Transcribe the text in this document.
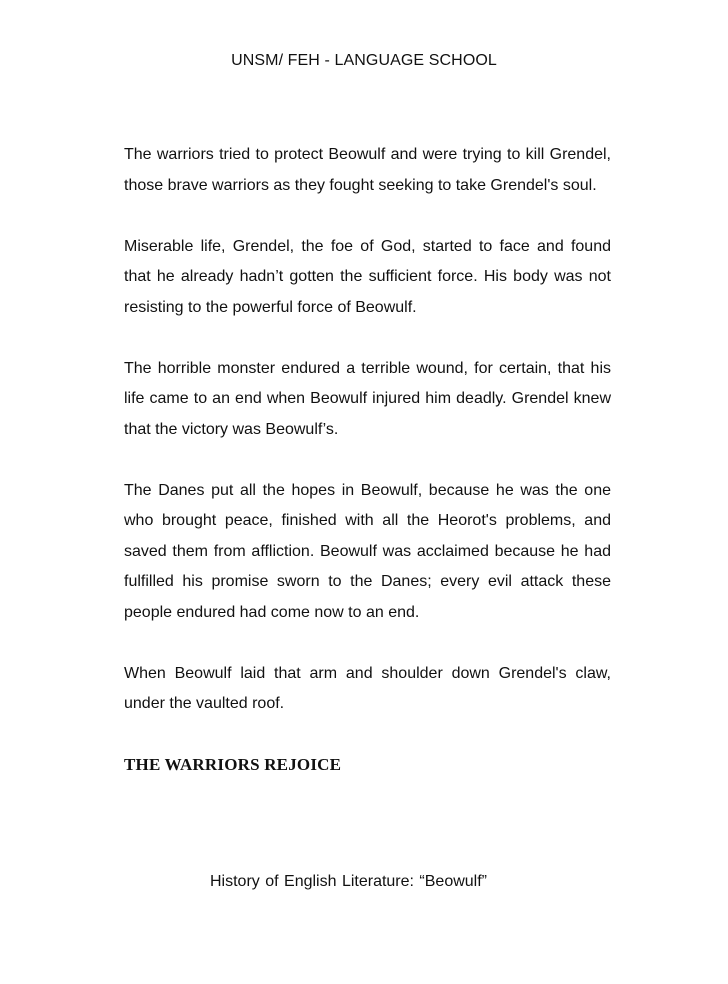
UNSM/ FEH - LANGUAGE SCHOOL

The warriors tried to protect Beowulf and were trying to kill Grendel, those brave warriors as they fought seeking to take Grendel's soul.

Miserable life, Grendel, the foe of God, started to face and found that he already hadn’t gotten the sufficient force. His body was not resisting to the powerful force of Beowulf.

The horrible monster endured a terrible wound, for certain, that his life came to an end when Beowulf injured him deadly. Grendel knew that the victory was Beowulf’s.

The Danes put all the hopes in Beowulf, because he was the one who brought peace, finished with all the Heorot's problems, and saved them from affliction. Beowulf was acclaimed because he had fulfilled his promise sworn to the Danes; every evil attack these people endured had come now to an end.

When Beowulf laid that arm and shoulder down Grendel's claw, under the vaulted roof.

THE WARRIORS REJOICE
History of English Literature: “Beowulf”
